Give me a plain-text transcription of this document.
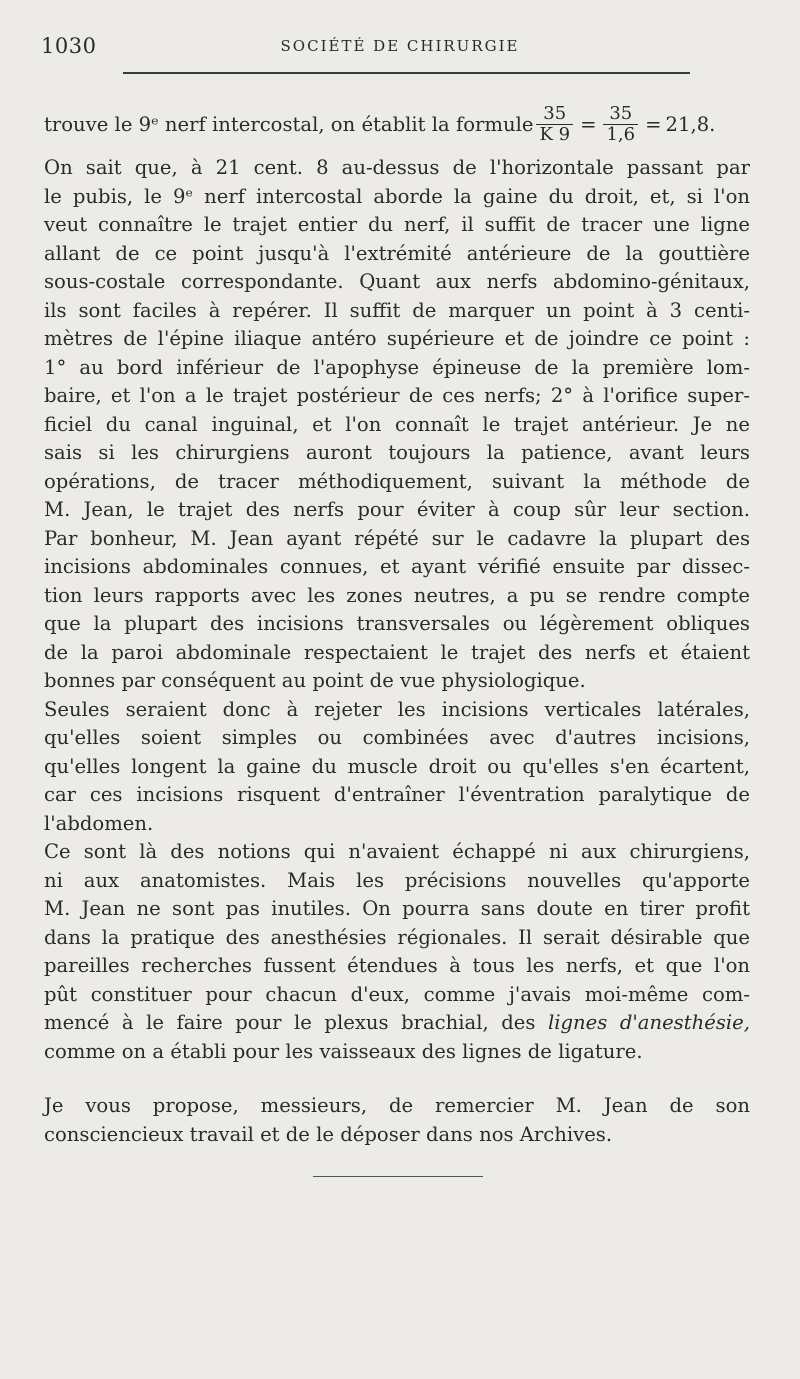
1030	SOCIÉTÉ DE CHIRURGIE
trouve le 9ᵉ nerf intercostal, on établit la formule $\frac{35}{K 9} = \frac{35}{1,6} = 21,8$.
On sait que, à 21 cent. 8 au-dessus de l'horizontale passant par
le pubis, le 9ᵉ nerf intercostal aborde la gaine du droit, et, si l'on
veut connaître le trajet entier du nerf, il suffit de tracer une ligne
allant de ce point jusqu'à l'extrémité antérieure de la gouttière
sous-costale correspondante. Quant aux nerfs abdomino-génitaux,
ils sont faciles à repérer. Il suffit de marquer un point à 3 centi-
mètres de l'épine iliaque antéro supérieure et de joindre ce point :
1° au bord inférieur de l'apophyse épineuse de la première lom-
baire, et l'on a le trajet postérieur de ces nerfs; 2° à l'orifice super-
ficiel du canal inguinal, et l'on connaît le trajet antérieur. Je ne
sais si les chirurgiens auront toujours la patience, avant leurs
opérations, de tracer méthodiquement, suivant la méthode de
M. Jean, le trajet des nerfs pour éviter à coup sûr leur section.
Par bonheur, M. Jean ayant répété sur le cadavre la plupart des
incisions abdominales connues, et ayant vérifié ensuite par dissec-
tion leurs rapports avec les zones neutres, a pu se rendre compte
que la plupart des incisions transversales ou légèrement obliques
de la paroi abdominale respectaient le trajet des nerfs et étaient
bonnes par conséquent au point de vue physiologique.
Seules seraient donc à rejeter les incisions verticales latérales,
qu'elles soient simples ou combinées avec d'autres incisions,
qu'elles longent la gaine du muscle droit ou qu'elles s'en écartent,
car ces incisions risquent d'entraîner l'éventration paralytique de
l'abdomen.
Ce sont là des notions qui n'avaient échappé ni aux chirurgiens,
ni aux anatomistes. Mais les précisions nouvelles qu'apporte
M. Jean ne sont pas inutiles. On pourra sans doute en tirer profit
dans la pratique des anesthésies régionales. Il serait désirable que
pareilles recherches fussent étendues à tous les nerfs, et que l'on
pût constituer pour chacun d'eux, comme j'avais moi-même com-
mencé à le faire pour le plexus brachial, des lignes d'anesthésie,
comme on a établi pour les vaisseaux des lignes de ligature.
Je vous propose, messieurs, de remercier M. Jean de son
consciencieux travail et de le déposer dans nos Archives.
